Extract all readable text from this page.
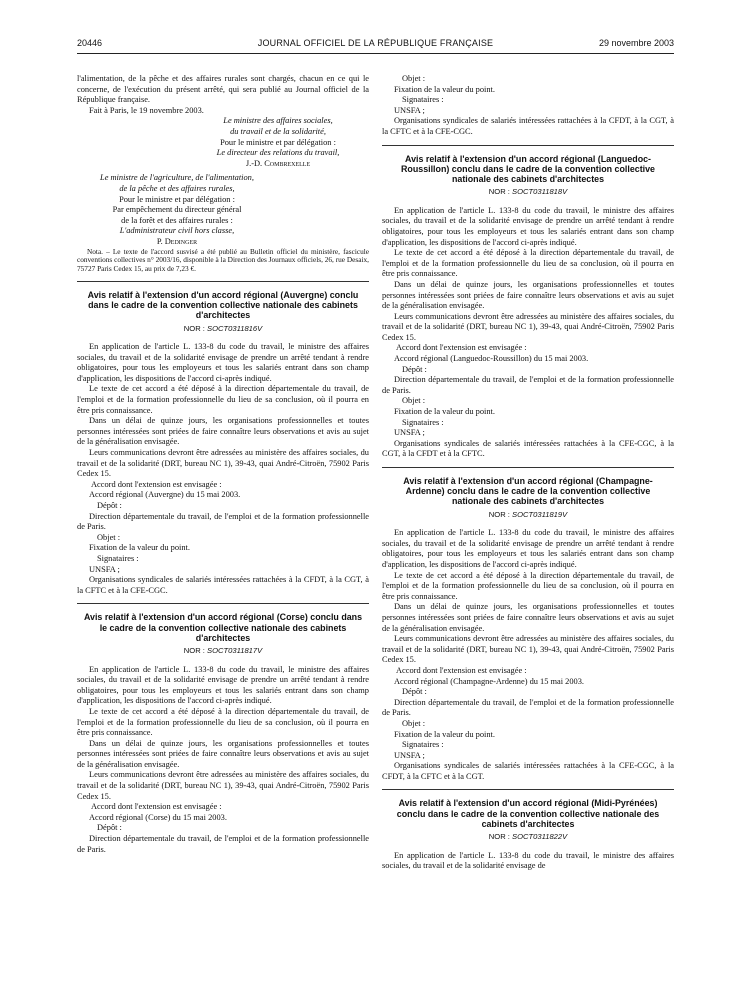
20446	JOURNAL OFFICIEL DE LA RÉPUBLIQUE FRANÇAISE	29 novembre 2003

l'alimentation, de la pêche et des affaires rurales sont chargés, chacun en ce qui le concerne, de l'exécution du présent arrêté, qui sera publié au Journal officiel de la République française.

Fait à Paris, le 19 novembre 2003.

Le ministre des affaires sociales,

du travail et de la solidarité,

Pour le ministre et par délégation :

Le directeur des relations du travail,

J.-D. Combrexelle

Le ministre de l'agriculture, de l'alimentation,

de la pêche et des affaires rurales,

Pour le ministre et par délégation :

Par empêchement du directeur général

de la forêt et des affaires rurales :

L'administrateur civil hors classe,

P. Dedinger

Nota. – Le texte de l'accord susvisé a été publié au Bulletin officiel du ministère, fascicule conventions collectives n° 2003/16, disponible à la Direction des Journaux officiels, 26, rue Desaix, 75727 Paris Cedex 15, au prix de 7,23 €.

Avis relatif à l'extension d'un accord régional (Auvergne) conclu dans le cadre de la convention collective nationale des cabinets d'architectes
NOR : SOCT0311816V

En application de l'article L. 133-8 du code du travail, le ministre des affaires sociales, du travail et de la solidarité envisage de prendre un arrêté tendant à rendre obligatoires, pour tous les employeurs et tous les salariés entrant dans son champ d'application, les dispositions de l'accord ci-après indiqué.

Le texte de cet accord a été déposé à la direction départementale du travail, de l'emploi et de la formation professionnelle du lieu de sa conclusion, où il pourra en être pris connaissance.

Dans un délai de quinze jours, les organisations professionnelles et toutes personnes intéressées sont priées de faire connaître leurs observations et avis au sujet de la généralisation envisagée.

Leurs communications devront être adressées au ministère des affaires sociales, du travail et de la solidarité (DRT, bureau NC 1), 39-43, quai André-Citroën, 75902 Paris Cedex 15.

Accord dont l'extension est envisagée :

Accord régional (Auvergne) du 15 mai 2003.

Dépôt :

Direction départementale du travail, de l'emploi et de la formation professionnelle de Paris.

Objet :

Fixation de la valeur du point.

Signataires :

UNSFA ;

Organisations syndicales de salariés intéressées rattachées à la CFDT, à la CGT, à la CFTC et à la CFE-CGC.

Avis relatif à l'extension d'un accord régional (Corse) conclu dans le cadre de la convention collective nationale des cabinets d'architectes
NOR : SOCT0311817V

En application de l'article L. 133-8 du code du travail, le ministre des affaires sociales, du travail et de la solidarité envisage de prendre un arrêté tendant à rendre obligatoires, pour tous les employeurs et tous les salariés entrant dans son champ d'application, les dispositions de l'accord ci-après indiqué.

Le texte de cet accord a été déposé à la direction départementale du travail, de l'emploi et de la formation professionnelle du lieu de sa conclusion, où il pourra en être pris connaissance.

Dans un délai de quinze jours, les organisations professionnelles et toutes personnes intéressées sont priées de faire connaître leurs observations et avis au sujet de la généralisation envisagée.

Leurs communications devront être adressées au ministère des affaires sociales, du travail et de la solidarité (DRT, bureau NC 1), 39-43, quai André-Citroën, 75902 Paris Cedex 15.

Accord dont l'extension est envisagée :

Accord régional (Corse) du 15 mai 2003.

Dépôt :

Direction départementale du travail, de l'emploi et de la formation professionnelle de Paris.

Objet :

Fixation de la valeur du point.

Signataires :

UNSFA ;

Organisations syndicales de salariés intéressées rattachées à la CFDT, à la CGT, à la CFTC et à la CFE-CGC.

Avis relatif à l'extension d'un accord régional (Languedoc-Roussillon) conclu dans le cadre de la convention collective nationale des cabinets d'architectes
NOR : SOCT0311818V

En application de l'article L. 133-8 du code du travail, le ministre des affaires sociales, du travail et de la solidarité envisage de prendre un arrêté tendant à rendre obligatoires, pour tous les employeurs et tous les salariés entrant dans son champ d'application, les dispositions de l'accord ci-après indiqué.

Le texte de cet accord a été déposé à la direction départementale du travail, de l'emploi et de la formation professionnelle du lieu de sa conclusion, où il pourra en être pris connaissance.

Dans un délai de quinze jours, les organisations professionnelles et toutes personnes intéressées sont priées de faire connaître leurs observations et avis au sujet de la généralisation envisagée.

Leurs communications devront être adressées au ministère des affaires sociales, du travail et de la solidarité (DRT, bureau NC 1), 39-43, quai André-Citroën, 75902 Paris Cedex 15.

Accord dont l'extension est envisagée :

Accord régional (Languedoc-Roussillon) du 15 mai 2003.

Dépôt :

Direction départementale du travail, de l'emploi et de la formation professionnelle de Paris.

Objet :

Fixation de la valeur du point.

Signataires :

UNSFA ;

Organisations syndicales de salariés intéressées rattachées à la CFE-CGC, à la CGT, à la CFDT et à la CFTC.

Avis relatif à l'extension d'un accord régional (Champagne-Ardenne) conclu dans le cadre de la convention collective nationale des cabinets d'architectes
NOR : SOCT0311819V

En application de l'article L. 133-8 du code du travail, le ministre des affaires sociales, du travail et de la solidarité envisage de prendre un arrêté tendant à rendre obligatoires, pour tous les employeurs et tous les salariés entrant dans son champ d'application, les dispositions de l'accord ci-après indiqué.

Le texte de cet accord a été déposé à la direction départementale du travail, de l'emploi et de la formation professionnelle du lieu de sa conclusion, où il pourra en être pris connaissance.

Dans un délai de quinze jours, les organisations professionnelles et toutes personnes intéressées sont priées de faire connaître leurs observations et avis au sujet de la généralisation envisagée.

Leurs communications devront être adressées au ministère des affaires sociales, du travail et de la solidarité (DRT, bureau NC 1), 39-43, quai André-Citroën, 75902 Paris Cedex 15.

Accord dont l'extension est envisagée :

Accord régional (Champagne-Ardenne) du 15 mai 2003.

Dépôt :

Direction départementale du travail, de l'emploi et de la formation professionnelle de Paris.

Objet :

Fixation de la valeur du point.

Signataires :

UNSFA ;

Organisations syndicales de salariés intéressées rattachées à la CFE-CGC, à la CFDT, à la CFTC et à la CGT.

Avis relatif à l'extension d'un accord régional (Midi-Pyrénées) conclu dans le cadre de la convention collective nationale des cabinets d'architectes
NOR : SOCT0311822V

En application de l'article L. 133-8 du code du travail, le ministre des affaires sociales, du travail et de la solidarité envisage de
